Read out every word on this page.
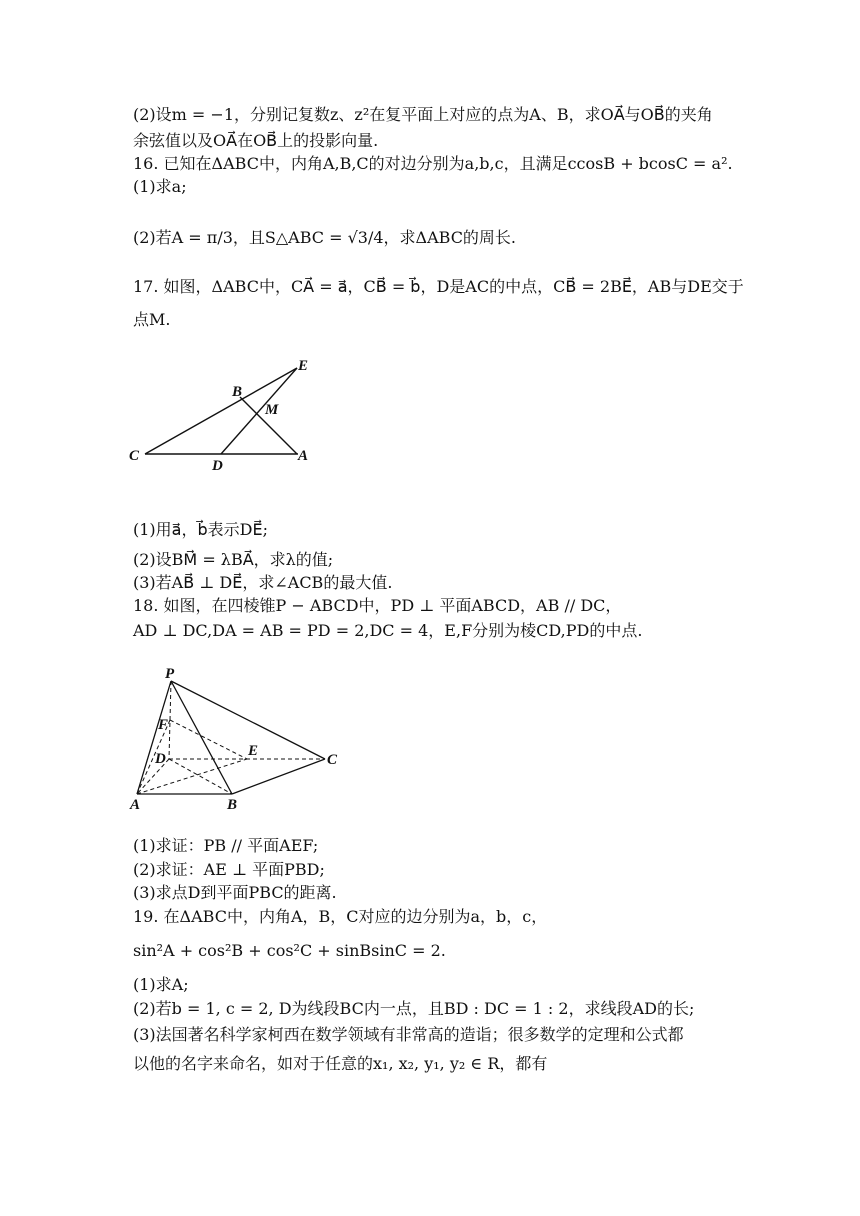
(2)设m = −1，分别记复数z、z²在复平面上对应的点为A、B，求OA⃗与OB⃗的夹角
余弦值以及OA⃗在OB⃗上的投影向量.
16. 已知在ΔABC中，内角A,B,C的对边分别为a,b,c，且满足ccosB + bcosC = a².
(1)求a;
(2)若A = π/3，且S△ABC = √3/4，求ΔABC的周长.
17. 如图，ΔABC中，CA⃗ = a⃗，CB⃗ = b⃗，D是AC的中点，CB⃗ = 2BE⃗，AB与DE交于
点M.
E
B
M
C
D
A
(1)用a⃗，b⃗表示DE⃗;
(2)设BM⃗ = λBA⃗，求λ的值;
(3)若AB⃗ ⊥ DE⃗，求∠ACB的最大值.
18. 如图，在四棱锥P − ABCD中，PD ⊥ 平面ABCD，AB // DC，
AD ⊥ DC,DA = AB = PD = 2,DC = 4，E,F分别为棱CD,PD的中点.
P
F
D	E
C
A	B
(1)求证：PB // 平面AEF;
(2)求证：AE ⊥ 平面PBD;
(3)求点D到平面PBC的距离.
19. 在ΔABC中，内角A，B，C对应的边分别为a，b，c，
sin²A + cos²B + cos²C + sinBsinC = 2.
(1)求A;
(2)若b = 1, c = 2, D为线段BC内一点，且BD : DC = 1 : 2，求线段AD的长;
(3)法国著名科学家柯西在数学领域有非常高的造诣；很多数学的定理和公式都
以他的名字来命名，如对于任意的x₁, x₂, y₁, y₂ ∈ R，都有
